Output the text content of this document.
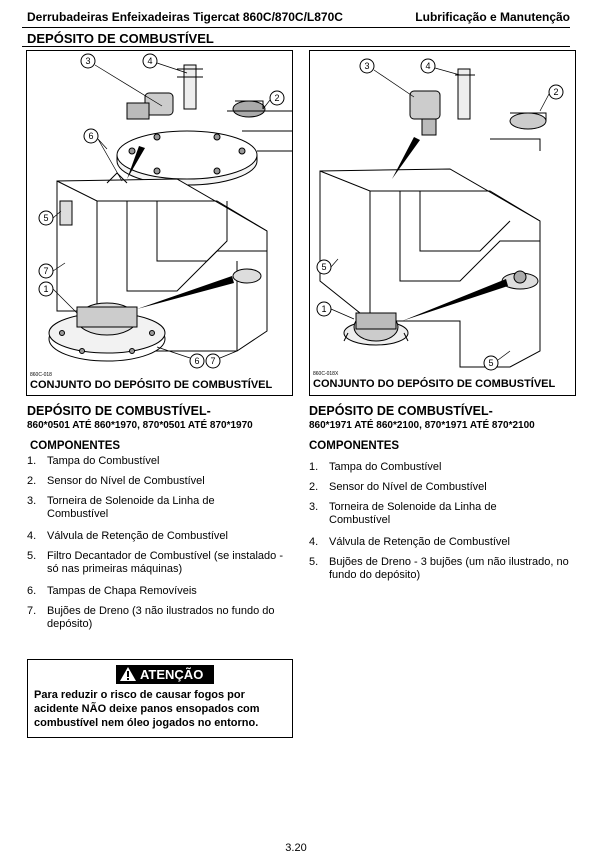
Derrubadeiras Enfeixadeiras Tigercat 860C/870C/L870C	Lubrificação e Manutenção
DEPÓSITO DE COMBUSTÍVEL
3	4
2
6
5
7
1
6 7
860C-018
CONJUNTO DO DEPÓSITO DE COMBUSTÍVEL
3	4
2
5
1
5
860C-018X
CONJUNTO DO DEPÓSITO DE COMBUSTÍVEL
DEPÓSITO DE COMBUSTÍVEL-
860*0501 ATÉ 860*1970, 870*0501 ATÉ 870*1970
COMPONENTES
1. Tampa do Combustível
2. Sensor do Nível de Combustível
3. Torneira de Solenoide da Linha de Combustível
4. Válvula de Retenção de Combustível
5. Filtro Decantador de Combustível (se instalado - só nas primeiras máquinas)
6. Tampas de Chapa Removíveis
7. Bujões de Dreno (3 não ilustrados no fundo do depósito)
DEPÓSITO DE COMBUSTÍVEL-
860*1971 ATÉ 860*2100, 870*1971 ATÉ 870*2100
COMPONENTES
1. Tampa do Combustível
2. Sensor do Nível de Combustível
3. Torneira de Solenoide da Linha de Combustível
4. Válvula de Retenção de Combustível
5. Bujões de Dreno - 3 bujões (um não ilustrado, no fundo do depósito)
ATENÇÃO
Para reduzir o risco de causar fogos por acidente NÃO deixe panos ensopados com combustível nem óleo jogados no entorno.
3.20
